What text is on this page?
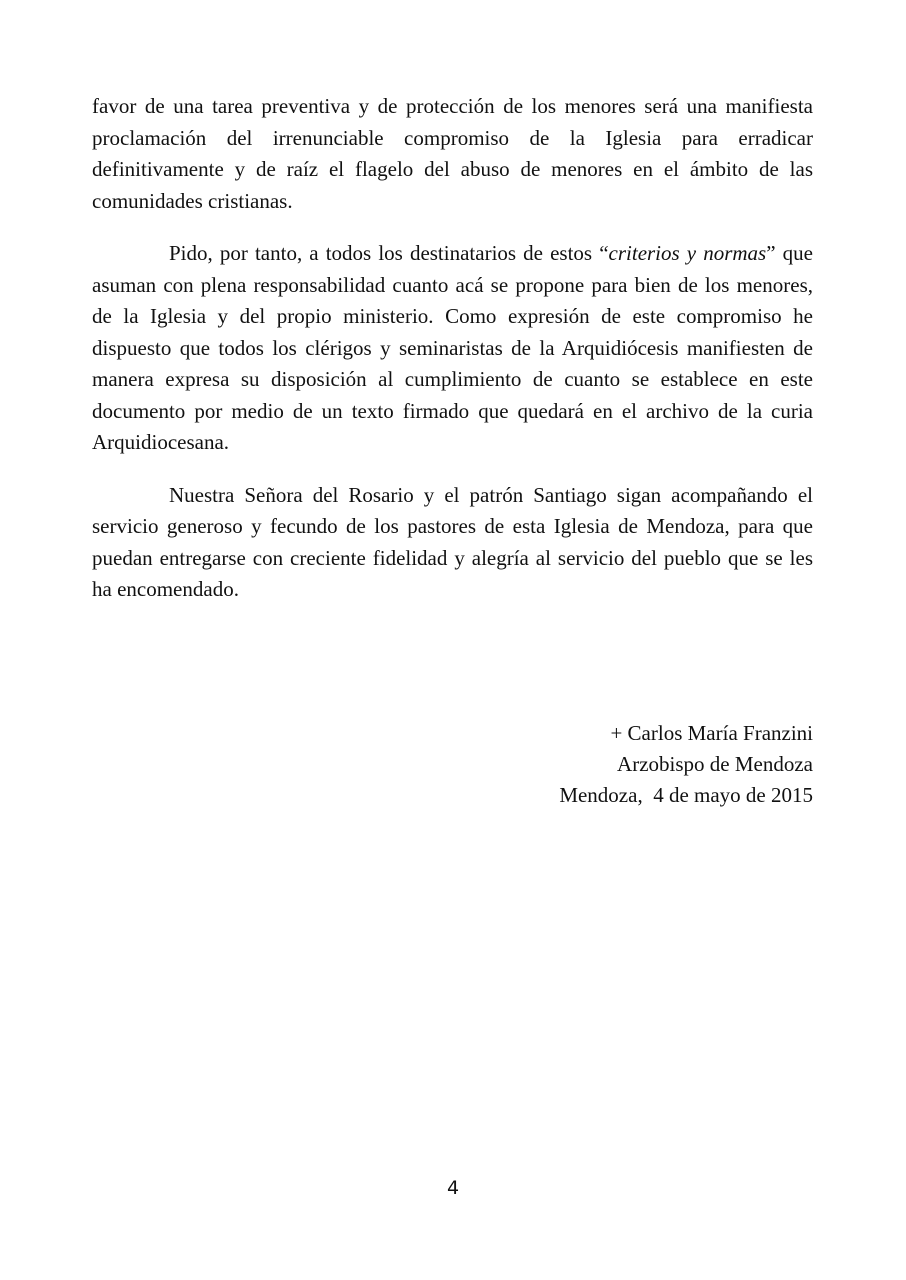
favor de una tarea preventiva y de protección de los menores será una manifiesta proclamación del irrenunciable compromiso de la Iglesia para erradicar definitivamente y de raíz el flagelo del abuso de menores en el ámbito de las comunidades cristianas.

Pido, por tanto, a todos los destinatarios de estos “criterios y normas” que asuman con plena responsabilidad cuanto acá se propone para bien de los menores, de la Iglesia y del propio ministerio. Como expresión de este compromiso he dispuesto que todos los clérigos y seminaristas de la Arquidiócesis manifiesten de manera expresa su disposición al cumplimiento de cuanto se establece en este documento por medio de un texto firmado que quedará en el archivo de la curia Arquidiocesana.

Nuestra Señora del Rosario y el patrón Santiago sigan acompañando el servicio generoso y fecundo de los pastores de esta Iglesia de Mendoza, para que puedan entregarse con creciente fidelidad y alegría al servicio del pueblo que se les ha encomendado.

+ Carlos María Franzini
Arzobispo de Mendoza
Mendoza,  4 de mayo de 2015
4
